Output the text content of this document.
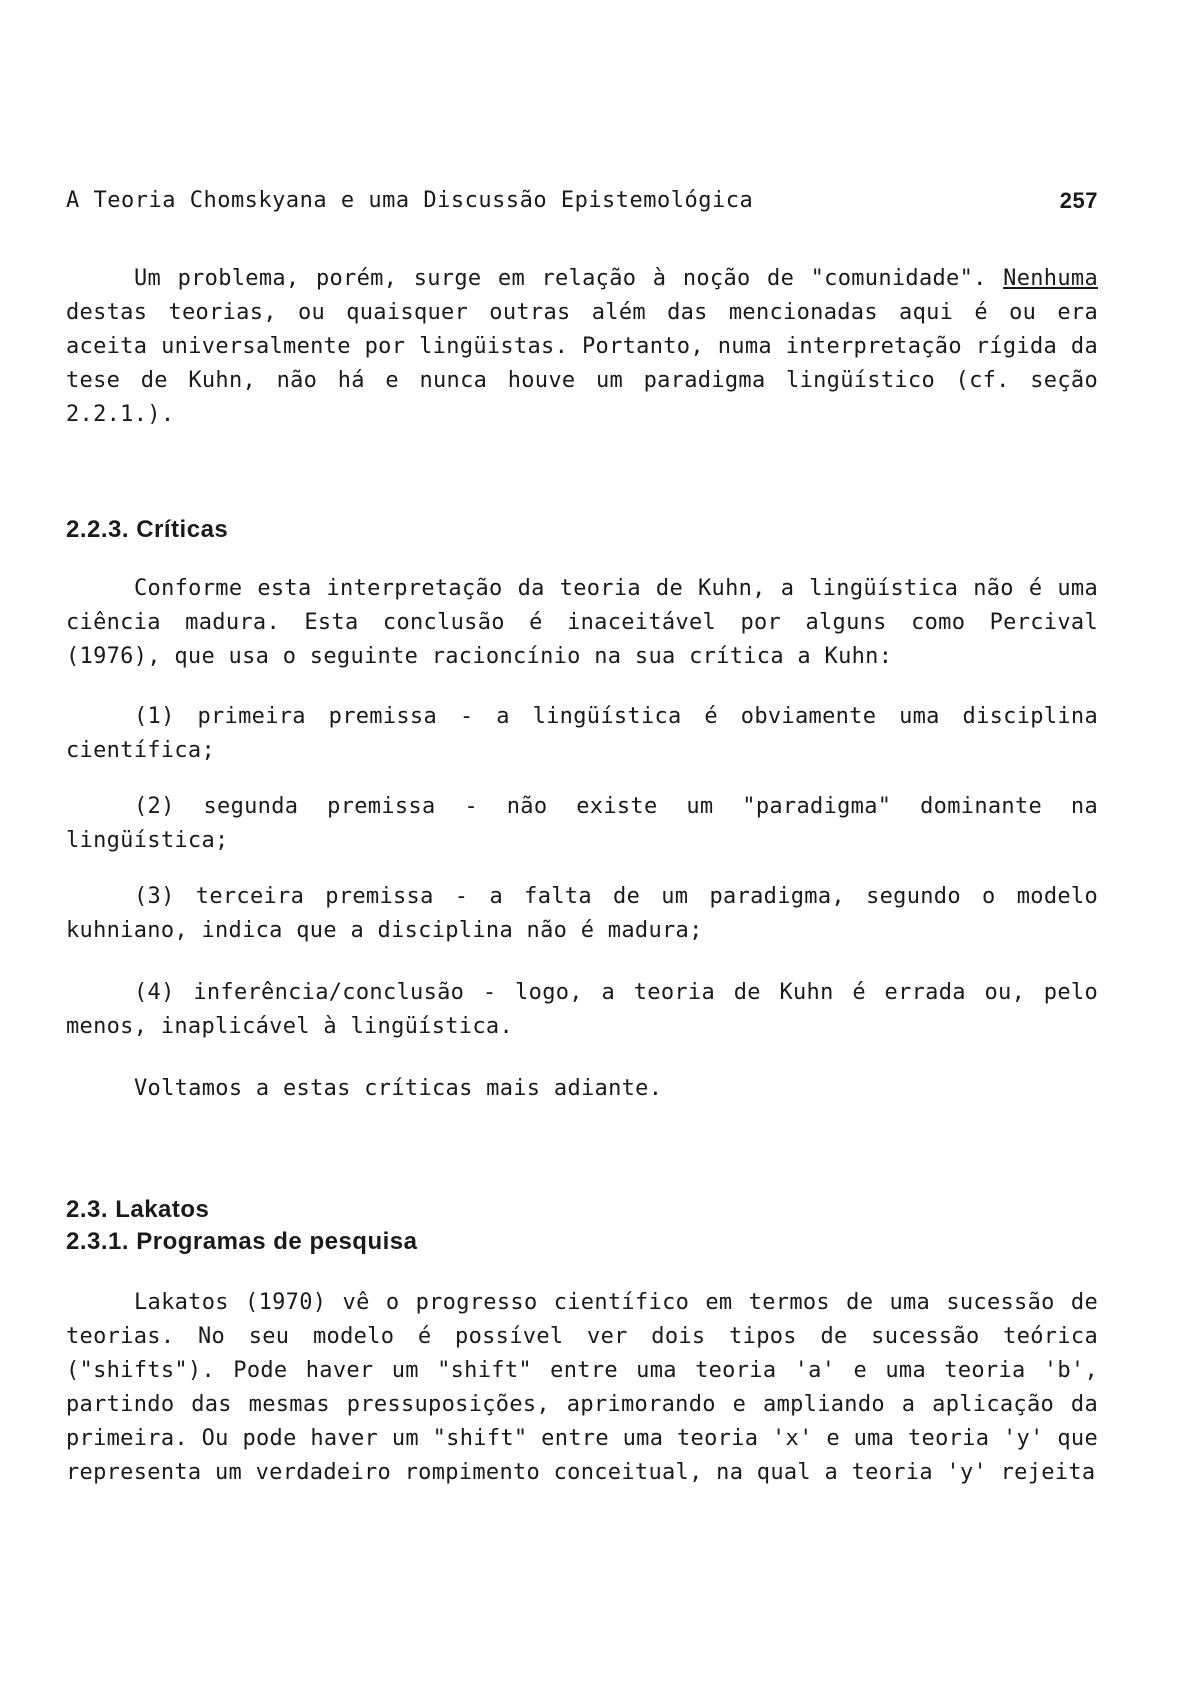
A Teoria Chomskyana e uma Discussão Epistemológica	257
Um problema, porém, surge em relação à noção de "comunidade". Nenhuma destas teorias, ou quaisquer outras além das mencionadas aqui é ou era aceita universalmente por lingüistas. Portanto, numa interpretação rígida da tese de Kuhn, não há e nunca houve um paradigma lingüístico (cf. seção 2.2.1.).
2.2.3. Críticas
Conforme esta interpretação da teoria de Kuhn, a lingüística não é uma ciência madura. Esta conclusão é inaceitável por alguns como Percival (1976), que usa o seguinte racioncínio na sua crítica a Kuhn:
(1) primeira premissa - a lingüística é obviamente uma disciplina científica;
(2) segunda premissa - não existe um "paradigma" dominante na lingüística;
(3) terceira premissa - a falta de um paradigma, segundo o modelo kuhniano, indica que a disciplina não é madura;
(4) inferência/conclusão - logo, a teoria de Kuhn é errada ou, pelo menos, inaplicável à lingüística.
Voltamos a estas críticas mais adiante.
2.3. Lakatos
2.3.1. Programas de pesquisa
Lakatos (1970) vê o progresso científico em termos de uma sucessão de teorias. No seu modelo é possível ver dois tipos de sucessão teórica ("shifts"). Pode haver um "shift" entre uma teoria 'a' e uma teoria 'b', partindo das mesmas pressuposições, aprimorando e ampliando a aplicação da primeira. Ou pode haver um "shift" entre uma teoria 'x' e uma teoria 'y' que representa um verdadeiro rompimento conceitual, na qual a teoria 'y' rejeita
